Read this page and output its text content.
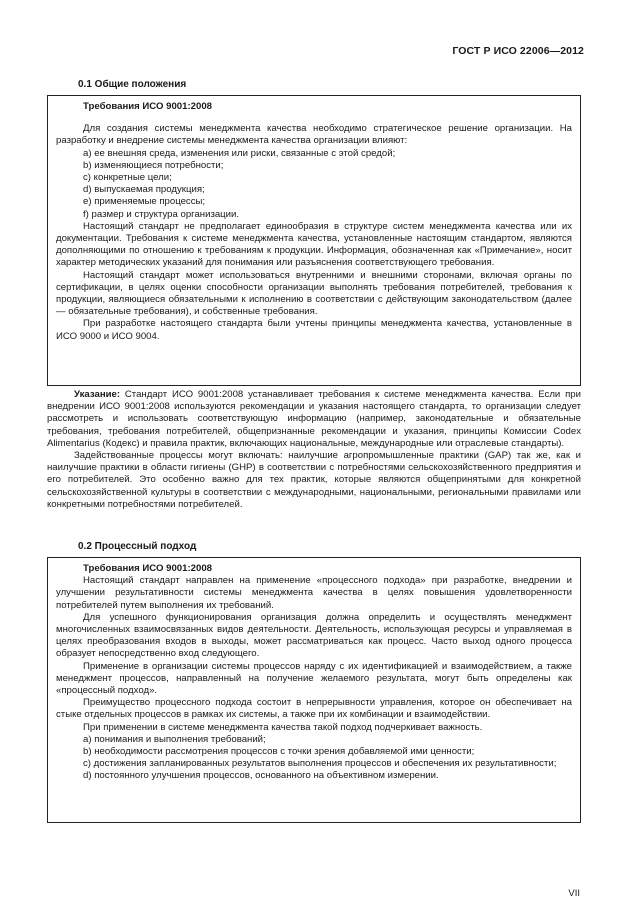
ГОСТ Р ИСО 22006—2012
0.1 Общие положения
Требования ИСО 9001:2008

Для создания системы менеджмента качества необходимо стратегическое решение организации. На разработку и внедрение системы менеджмента качества организации влияют:

a) ее внешняя среда, изменения или риски, связанные с этой средой;

b) изменяющиеся потребности;

c) конкретные цели;

d) выпускаемая продукция;

e) применяемые процессы;

f) размер и структура организации.

Настоящий стандарт не предполагает единообразия в структуре систем менеджмента качества или их документации. Требования к системе менеджмента качества, установленные настоящим стандартом, являются дополняющими по отношению к требованиям к продукции. Информация, обозначенная как «Примечание», носит характер методических указаний для понимания или разъяснения соответствующего требования.

Настоящий стандарт может использоваться внутренними и внешними сторонами, включая органы по сертификации, в целях оценки способности организации выполнять требования потребителей, требования к продукции, являющиеся обязательными к исполнению в соответствии с действующим законодательством (далее — обязательные требования), и собственные требования.

При разработке настоящего стандарта были учтены принципы менеджмента качества, установленные в ИСО 9000 и ИСО 9004.

Указание: Стандарт ИСО 9001:2008 устанавливает требования к системе менеджмента качества. Если при внедрении ИСО 9001:2008 используются рекомендации и указания настоящего стандарта, то организации следует рассмотреть и использовать соответствующую информацию (например, законодательные и обязательные требования, требования потребителей, общепризнанные рекомендации и указания, принципы Комиссии Codex Alimentarius (Кодекс) и правила практик, включающих национальные, международные или отраслевые стандарты).

Задействованные процессы могут включать: наилучшие агропромышленные практики (GAP) так же, как и наилучшие практики в области гигиены (GHP) в соответствии с потребностями сельскохозяйственного предприятия и его потребителей. Это особенно важно для тех практик, которые являются общепринятыми для конкретной сельскохозяйственной культуры в соответствии с международными, национальными, региональными правилами или конкретными потребностями потребителей.

0.2 Процессный подход
Требования ИСО 9001:2008

Настоящий стандарт направлен на применение «процессного подхода» при разработке, внедрении и улучшении результативности системы менеджмента качества в целях повышения удовлетворенности потребителей путем выполнения их требований.

Для успешного функционирования организация должна определить и осуществлять менеджмент многочисленных взаимосвязанных видов деятельности. Деятельность, использующая ресурсы и управляемая в целях преобразования входов в выходы, может рассматриваться как процесс. Часто выход одного процесса образует непосредственно вход следующего.

Применение в организации системы процессов наряду с их идентификацией и взаимодействием, а также менеджмент процессов, направленный на получение желаемого результата, могут быть определены как «процессный подход».

Преимущество процессного подхода состоит в непрерывности управления, которое он обеспечивает на стыке отдельных процессов в рамках их системы, а также при их комбинации и взаимодействии.

При применении в системе менеджмента качества такой подход подчеркивает важность.

a) понимания и выполнения требований;

b) необходимости рассмотрения процессов с точки зрения добавляемой ими ценности;

c) достижения запланированных результатов выполнения процессов и обеспечения их результативности;

d) постоянного улучшения процессов, основанного на объективном измерении.

VII
